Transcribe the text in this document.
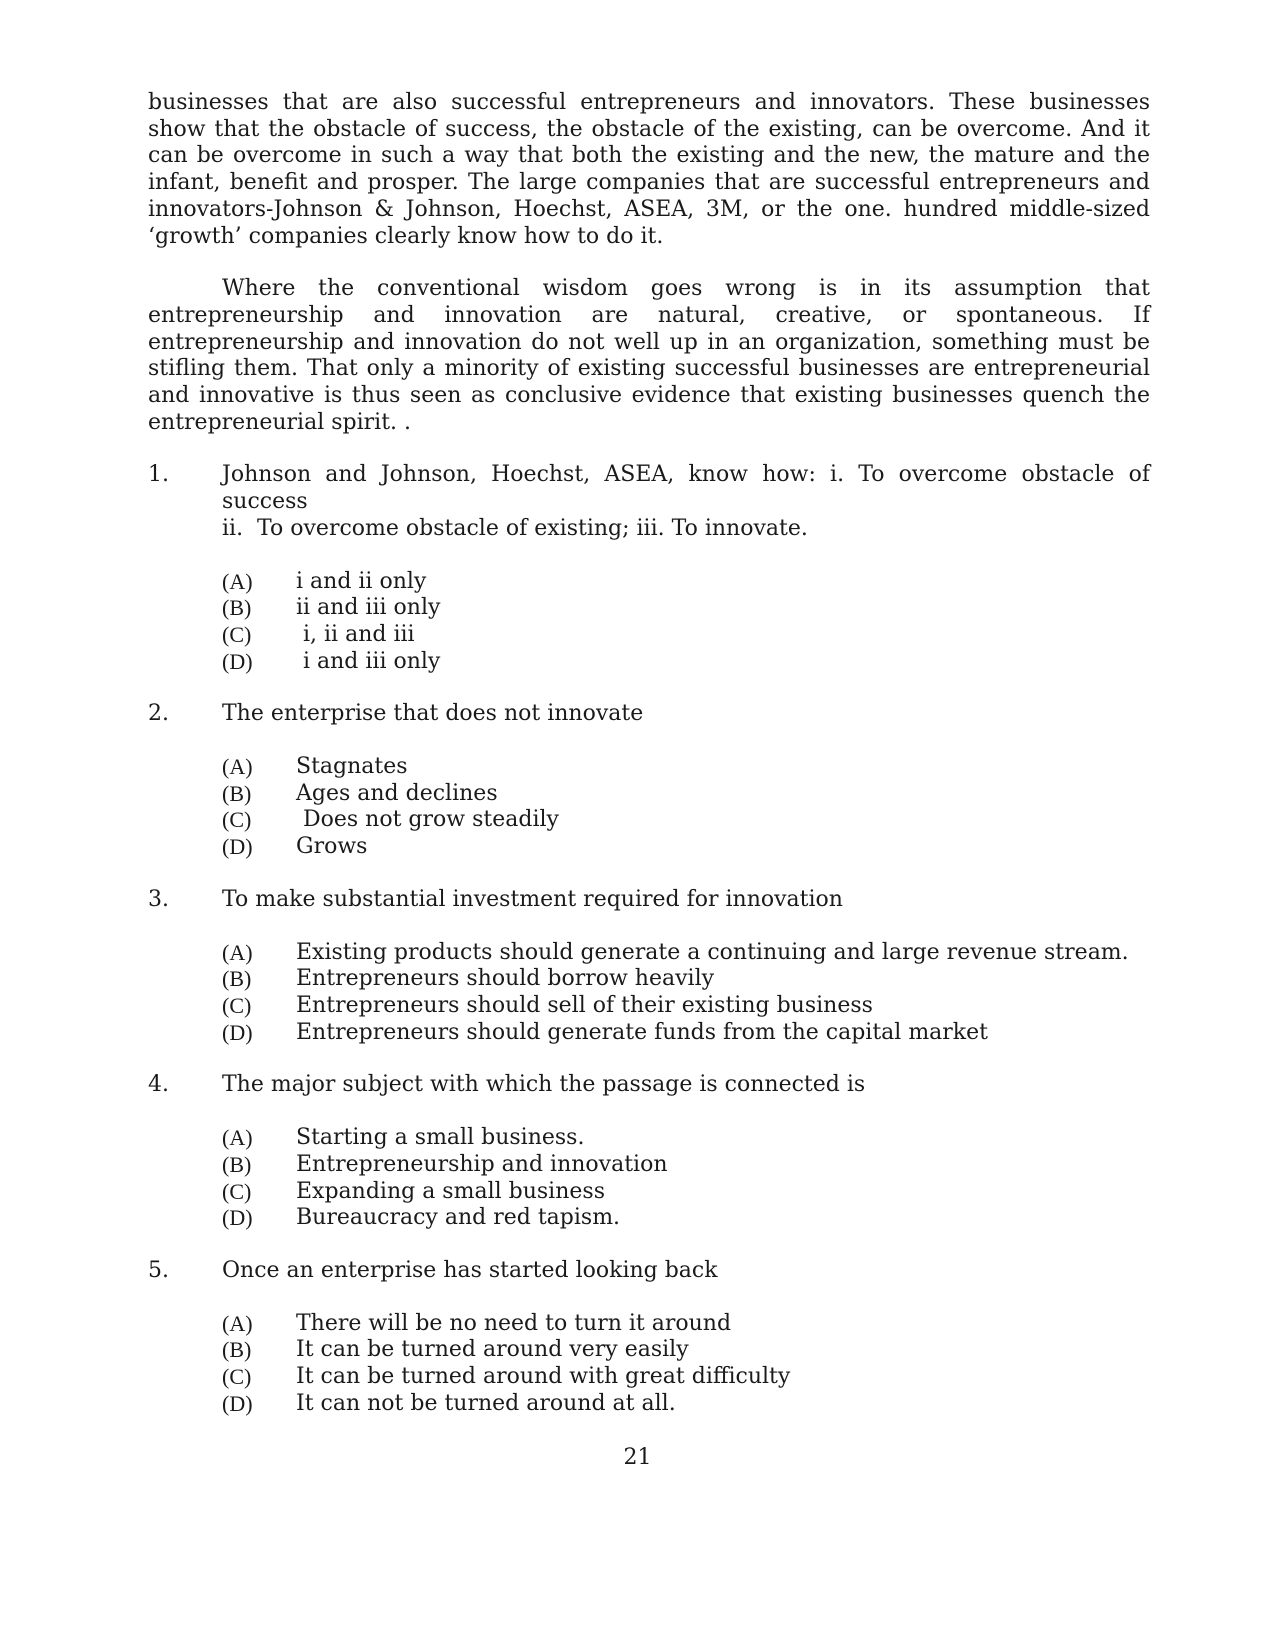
businesses that are also successful entrepreneurs and innovators. These businesses show that the obstacle of success, the obstacle of the existing, can be overcome. And it can be overcome in such a way that both the existing and the new, the mature and the infant, benefit and prosper. The large companies that are successful entrepreneurs and innovators-Johnson & Johnson, Hoechst, ASEA, 3M, or the one. hundred middle-sized ‘growth’ companies clearly know how to do it.

Where the conventional wisdom goes wrong is in its assumption that entrepreneurship and innovation are natural, creative, or spontaneous. If entrepreneurship and innovation do not well up in an organization, something must be stifling them. That only a minority of existing successful businesses are entrepreneurial and innovative is thus seen as conclusive evidence that existing businesses quench the entrepreneurial spirit. .

1.	Johnson and Johnson, Hoechst, ASEA, know how: i. To overcome obstacle of success
ii.  To overcome obstacle of existing; iii. To innovate.
(A)	i and ii only
(B)	ii and iii only
(C)	i, ii and iii
(D)	i and iii only
2.	The enterprise that does not innovate
(A)	Stagnates
(B)	Ages and declines
(C)	Does not grow steadily
(D)	Grows
3.	To make substantial investment required for innovation
(A)	Existing products should generate a continuing and large revenue stream.
(B)	Entrepreneurs should borrow heavily
(C)	Entrepreneurs should sell of their existing business
(D)	Entrepreneurs should generate funds from the capital market
4.	The major subject with which the passage is connected is
(A)	Starting a small business.
(B)	Entrepreneurship and innovation
(C)	Expanding a small business
(D)	Bureaucracy and red tapism.
5.	Once an enterprise has started looking back
(A)	There will be no need to turn it around
(B)	It can be turned around very easily
(C)	It can be turned around with great difficulty
(D)	It can not be turned around at all.
21
